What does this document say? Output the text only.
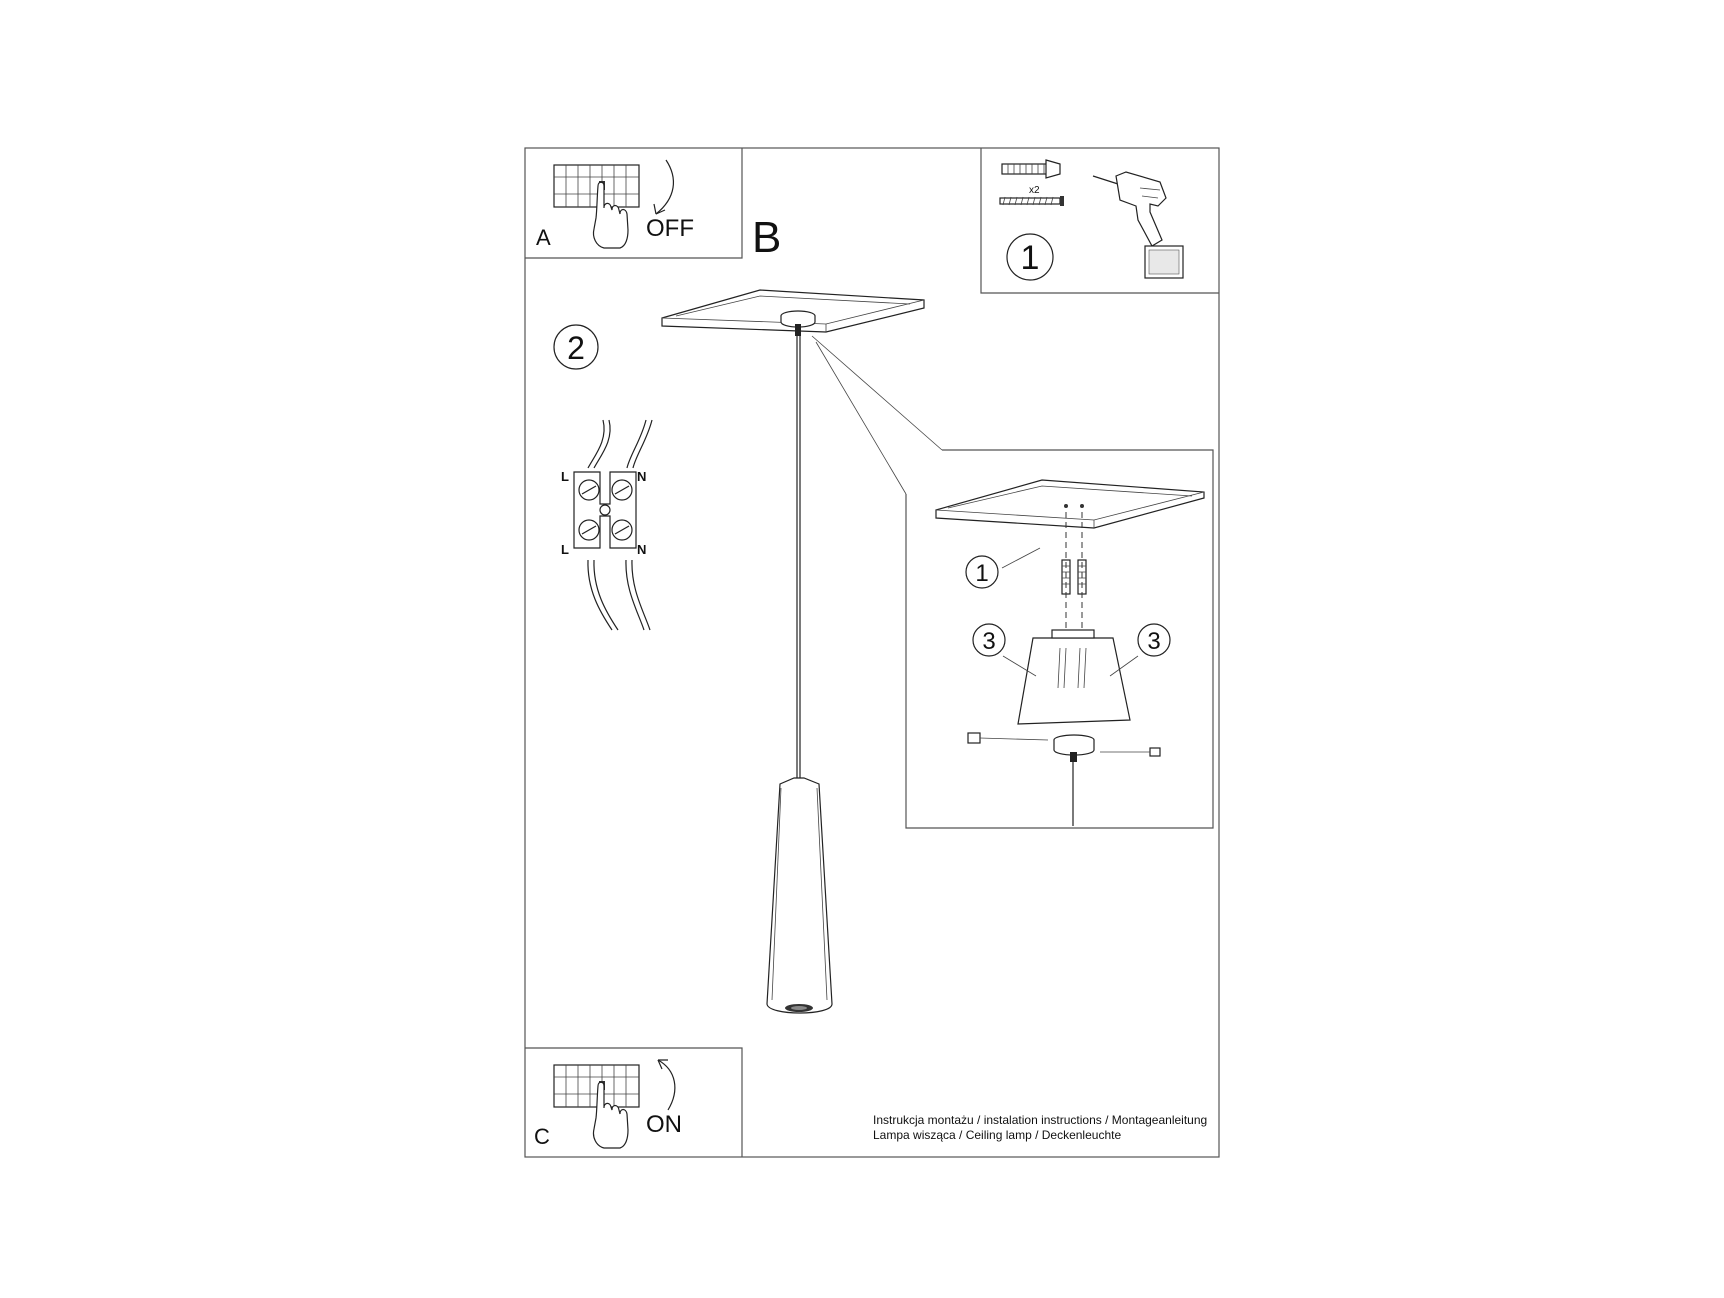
A	OFF B
x2
1
2
L	N
L	N
1
3	3
C	ON	Instrukcja montażu / instalation instructions / Montageanleitung
Lampa wisząca / Ceiling lamp / Deckenleuchte
